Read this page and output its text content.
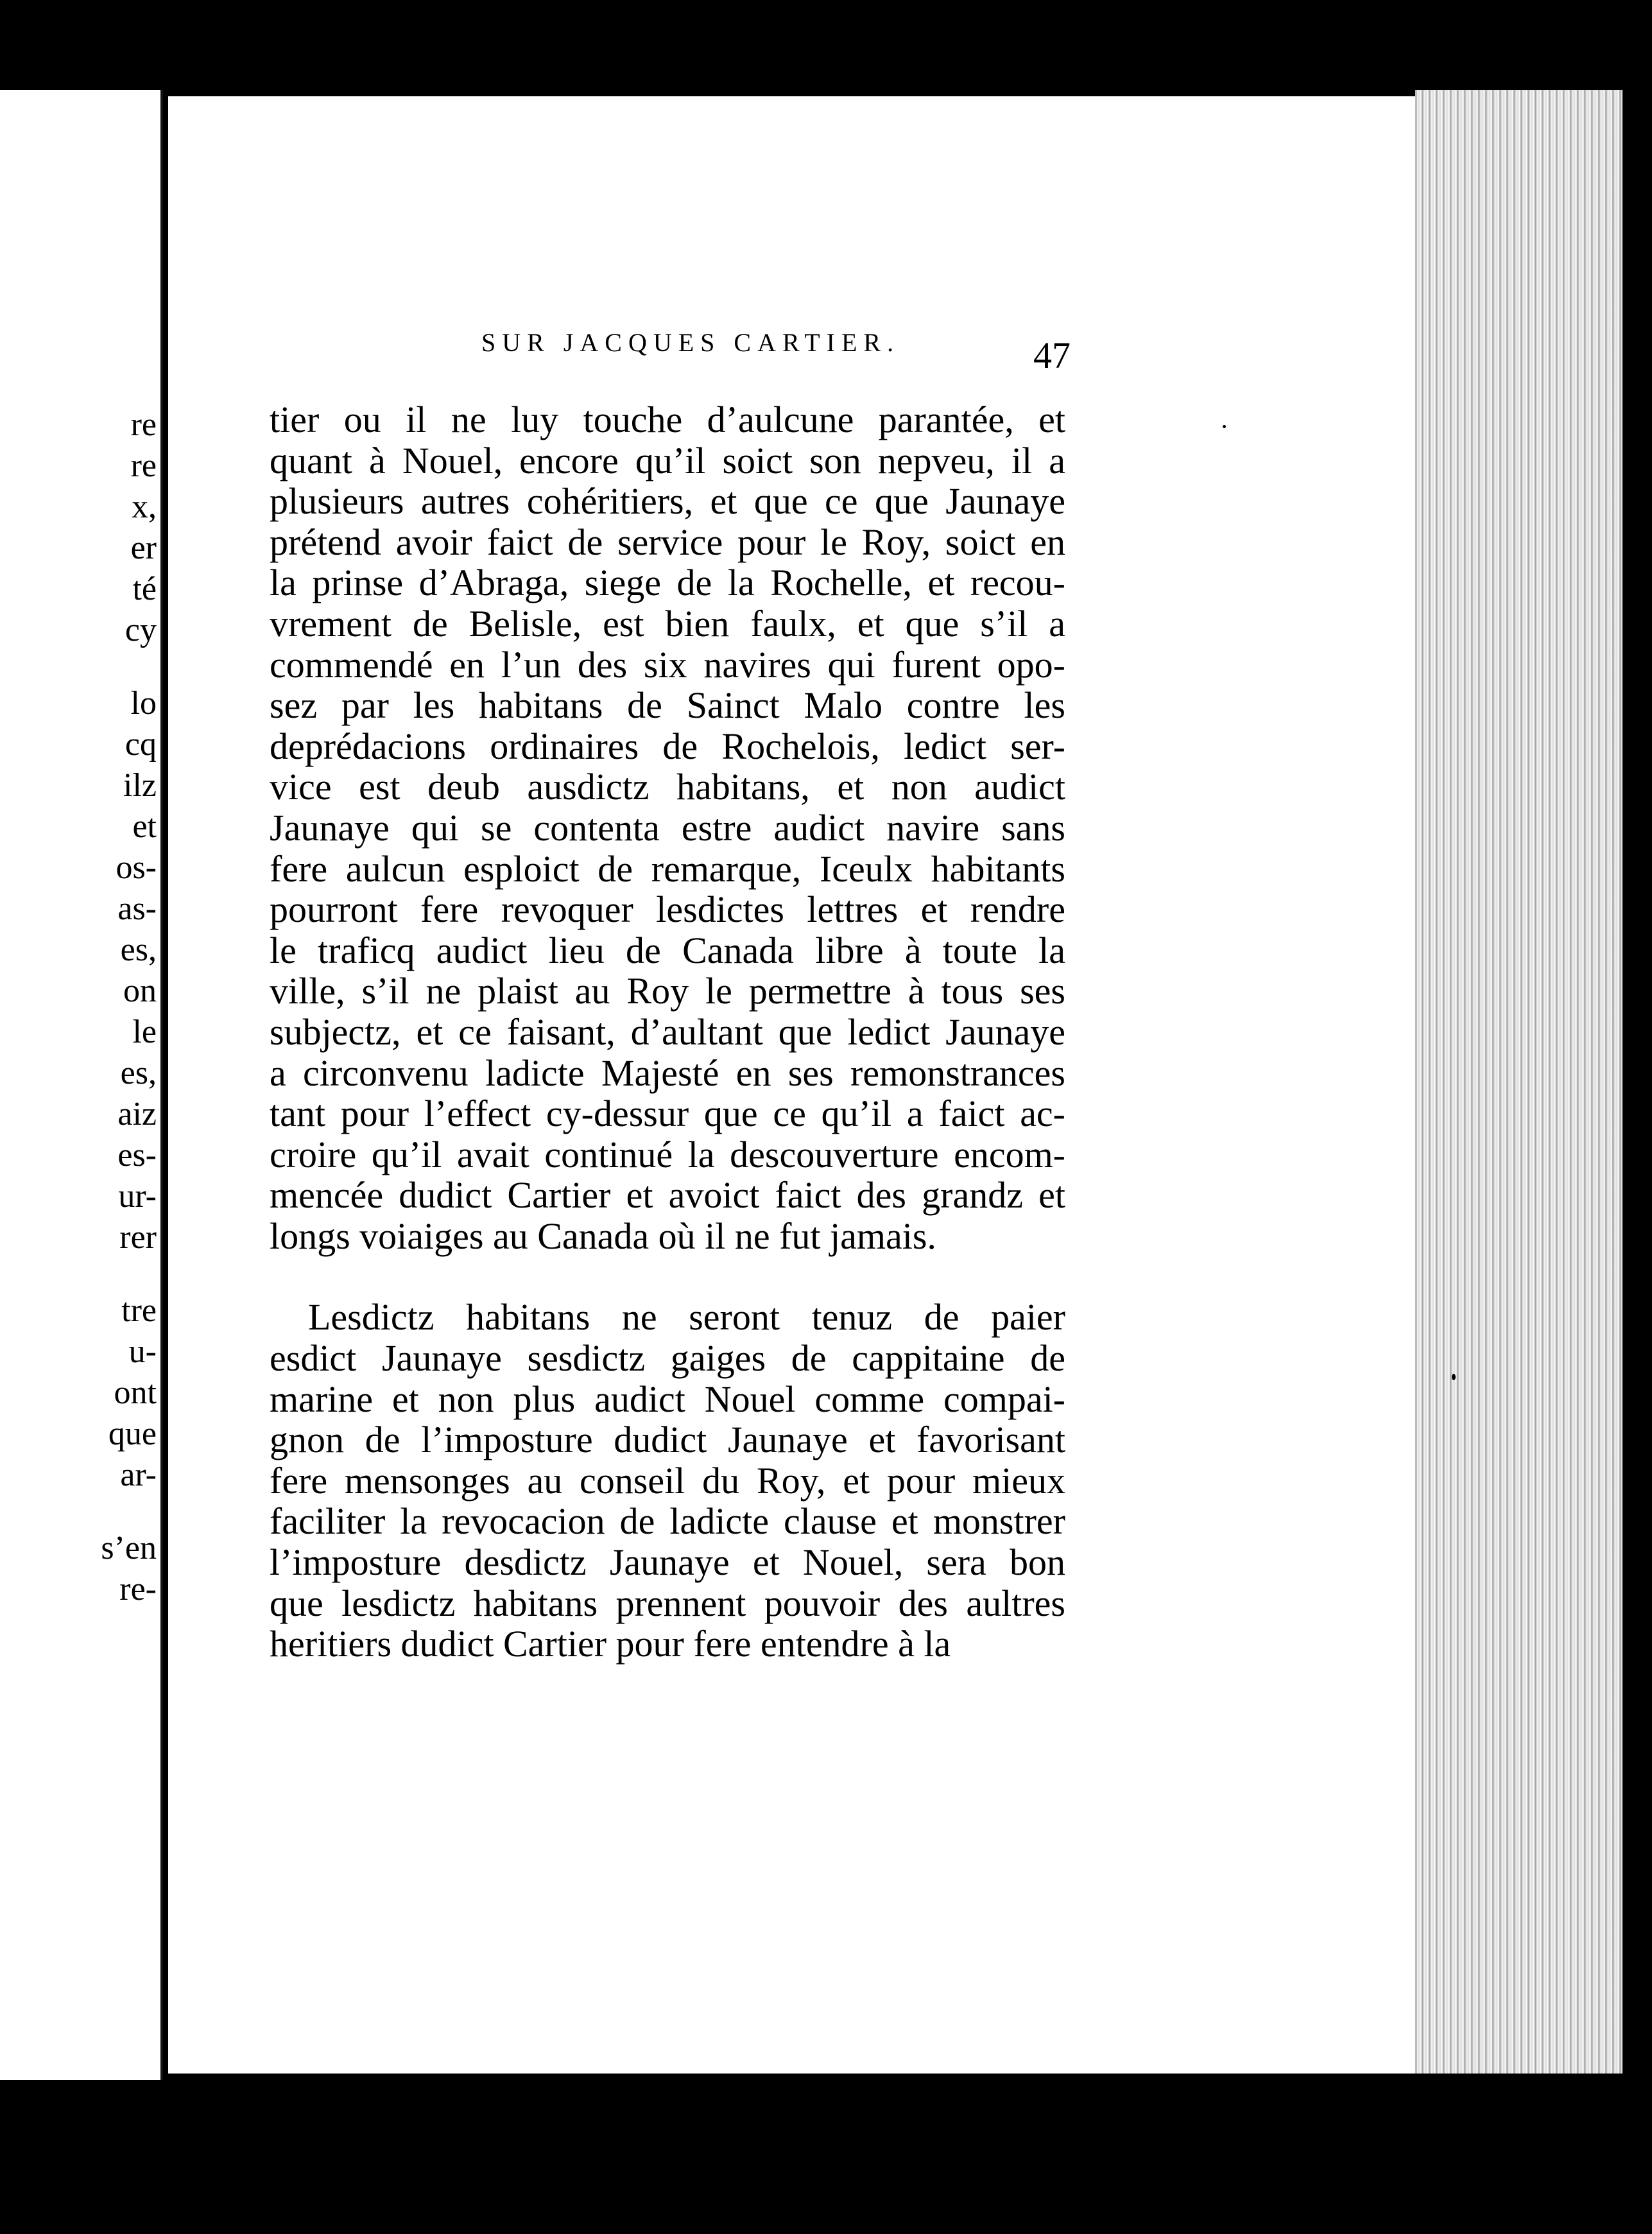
re
re
x,
er
té
cy
lo
cq
ilz
et
os-
as-
es,
on
le
es,
aiz
es-
ur-
rer
tre
u-
ont
que
ar-
s’en
re-
SUR JACQUES CARTIER.	47
tier ou il ne luy touche d’aulcune parantée, et
quant à Nouel, encore qu’il soict son nepveu, il a
plusieurs autres cohéritiers, et que ce que Jaunaye
prétend avoir faict de service pour le Roy, soict en
la prinse d’Abraga, siege de la Rochelle, et recou-
vrement de Belisle, est bien faulx, et que s’il a
commendé en l’un des six navires qui furent opo-
sez par les habitans de Sainct Malo contre les
deprédacions ordinaires de Rochelois, ledict ser-
vice est deub ausdictz habitans, et non audict
Jaunaye qui se contenta estre audict navire sans
fere aulcun esploict de remarque, Iceulx habitants
pourront fere revoquer lesdictes lettres et rendre
le traficq audict lieu de Canada libre à toute la
ville, s’il ne plaist au Roy le permettre à tous ses
subjectz, et ce faisant, d’aultant que ledict Jaunaye
a circonvenu ladicte Majesté en ses remonstrances
tant pour l’effect cy-dessur que ce qu’il a faict ac-
croire qu’il avait continué la descouverture encom-
mencée dudict Cartier et avoict faict des grandz et
longs voiaiges au Canada où il ne fut jamais.
Lesdictz habitans ne seront tenuz de paier
esdict Jaunaye sesdictz gaiges de cappitaine de
marine et non plus audict Nouel comme compai-
gnon de l’imposture dudict Jaunaye et favorisant
fere mensonges au conseil du Roy, et pour mieux
faciliter la revocacion de ladicte clause et monstrer
l’imposture desdictz Jaunaye et Nouel, sera bon
que lesdictz habitans prennent pouvoir des aultres
heritiers dudict Cartier pour fere entendre à la
